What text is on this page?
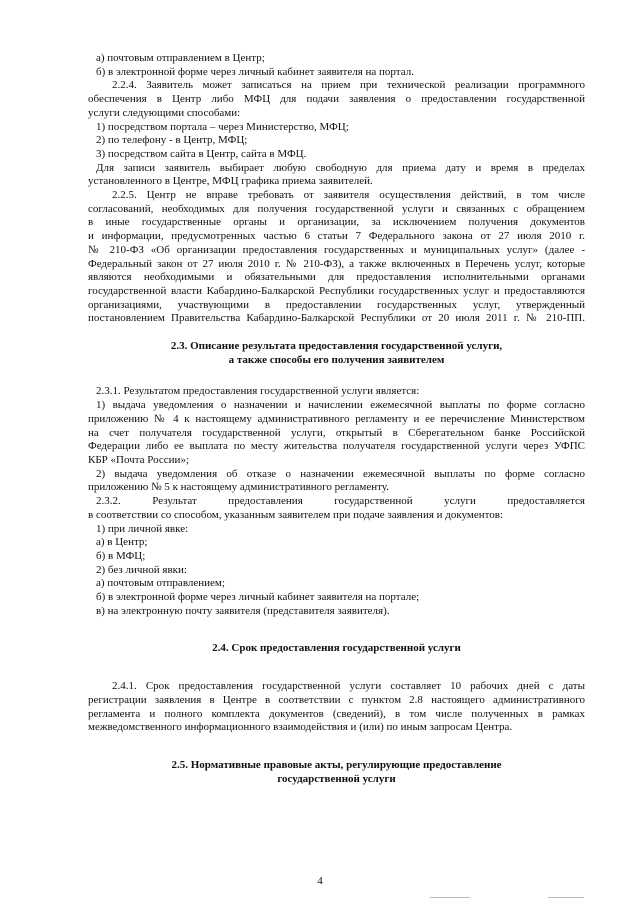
а) почтовым отправлением в Центр;
б) в электронной форме через личный кабинет заявителя на портал.
2.2.4. Заявитель может записаться на прием при технической реализации программного
обеспечения в Центр либо МФЦ для подачи заявления о предоставлении государственной
услуги следующими способами:
1) посредством портала – через Министерство, МФЦ;
2) по телефону - в Центр, МФЦ;
3) посредством сайта в Центр, сайта в МФЦ.
Для записи заявитель выбирает любую свободную для приема дату и время в пределах
установленного в Центре, МФЦ графика приема заявителей.
2.2.5. Центр не вправе требовать от заявителя осуществления действий, в том числе
согласований, необходимых для получения государственной услуги и связанных с обращением
в иные государственные органы и организации, за исключением получения документов
и информации, предусмотренных частью 6 статьи 7 Федерального закона от 27 июля 2010 г.
№ 210-ФЗ «Об организации предоставления государственных и муниципальных услуг» (далее -
Федеральный закон от 27 июля 2010 г. № 210-ФЗ), а также включенных в Перечень услуг, которые
являются необходимыми и обязательными для предоставления исполнительными органами
государственной власти Кабардино-Балкарской Республики государственных услуг и предоставляются
организациями, участвующими в предоставлении государственных услуг, утвержденный
постановлением Правительства Кабардино-Балкарской Республики от 20 июля 2011 г. № 210-ПП.
2.3. Описание результата предоставления государственной услуги,
а также способы его получения заявителем
2.3.1. Результатом предоставления государственной услуги является:
1) выдача уведомления о назначении и начислении ежемесячной выплаты по форме согласно
приложению № 4 к настоящему административного регламенту и ее перечисление Министерством
на счет получателя государственной услуги, открытый в Сберегательном банке Российской
Федерации либо ее выплата по месту жительства получателя государственной услуги через УФПС
КБР «Почта России»;
2) выдача уведомления об отказе о назначении ежемесячной выплаты по форме согласно
приложению № 5 к настоящему административного регламенту.
2.3.2. Результат предоставления государственной услуги предоставляется
в соответствии со способом, указанным заявителем при подаче заявления и документов:
1) при личной явке:
а) в Центр;
б) в МФЦ;
2) без личной явки:
а) почтовым отправлением;
б) в электронной форме через личный кабинет заявителя на портале;
в) на электронную почту заявителя (представителя заявителя).
2.4. Срок предоставления государственной услуги
2.4.1. Срок предоставления государственной услуги составляет 10 рабочих дней с даты
регистрации заявления в Центре в соответствии с пунктом 2.8 настоящего административного
регламента и полного комплекта документов (сведений), в том числе полученных в рамках
межведомственного информационного взаимодействия и (или) по иным запросам Центра.
2.5. Нормативные правовые акты, регулирующие предоставление
государственной услуги
4
